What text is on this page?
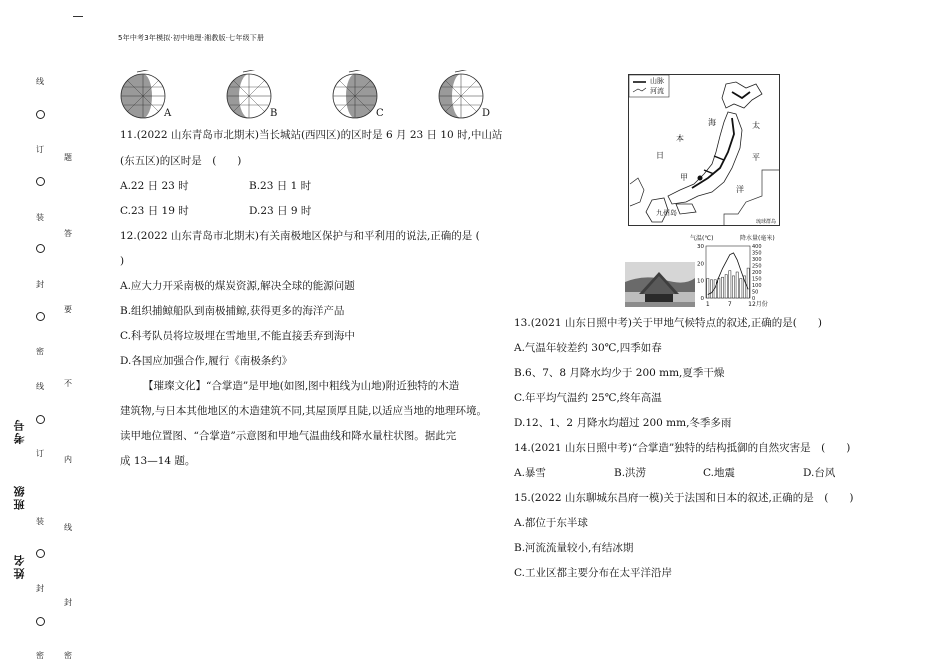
5年中考3年模拟·初中地理·湘教版·七年级下册
线
订
装
封
密
线
订
装
封
密
题
答
要
不
内
线
封
密
考号
班级
姓名
A	B	C	D
11.(2022 山东青岛市北期末)当长城站(西四区)的区时是 6 月 23 日 10 时,中山站
(东五区)的区时是　(　　)
A.22 日 23 时	B.23 日 1 时
C.23 日 19 时	D.23 日 9 时
12.(2022 山东青岛市北期末)有关南极地区保护与和平利用的说法,正确的是 (
)
A.应大力开采南极的煤炭资源,解决全球的能源问题
B.组织捕鲸船队到南极捕鲸,获得更多的海洋产品
C.科考队员将垃圾埋在雪地里,不能直接丢弃到海中
D.各国应加强合作,履行《南极条约》
【璀璨文化】“合掌造”是甲地(如图,图中粗线为山地)附近独特的木造
建筑物,与日本其他地区的木造建筑不同,其屋顶厚且陡,以适应当地的地理环境。
读甲地位置图、“合掌造”示意图和甲地气温曲线和降水量柱状图。据此完
成 13—14 题。
山脉
河流
本
日
海
甲
太
平
洋
九州岛
琉球群岛
气温(℃)	降水量(毫米)
30
20
10
0
400
350
300
250
200
150
100
50
0
1	7	12月份
13.(2021 山东日照中考)关于甲地气候特点的叙述,正确的是(　　)
A.气温年较差约 30℃,四季如春
B.6、7、8 月降水均少于 200 mm,夏季干燥
C.年平均气温约 25℃,终年高温
D.12、1、2 月降水均超过 200 mm,冬季多雨
14.(2021 山东日照中考)“合掌造”独特的结构抵御的自然灾害是　(　　)
A.暴雪	B.洪涝	C.地震	D.台风
15.(2022 山东聊城东昌府一模)关于法国和日本的叙述,正确的是　(　　)
A.都位于东半球
B.河流流量较小,有结冰期
C.工业区都主要分布在太平洋沿岸
